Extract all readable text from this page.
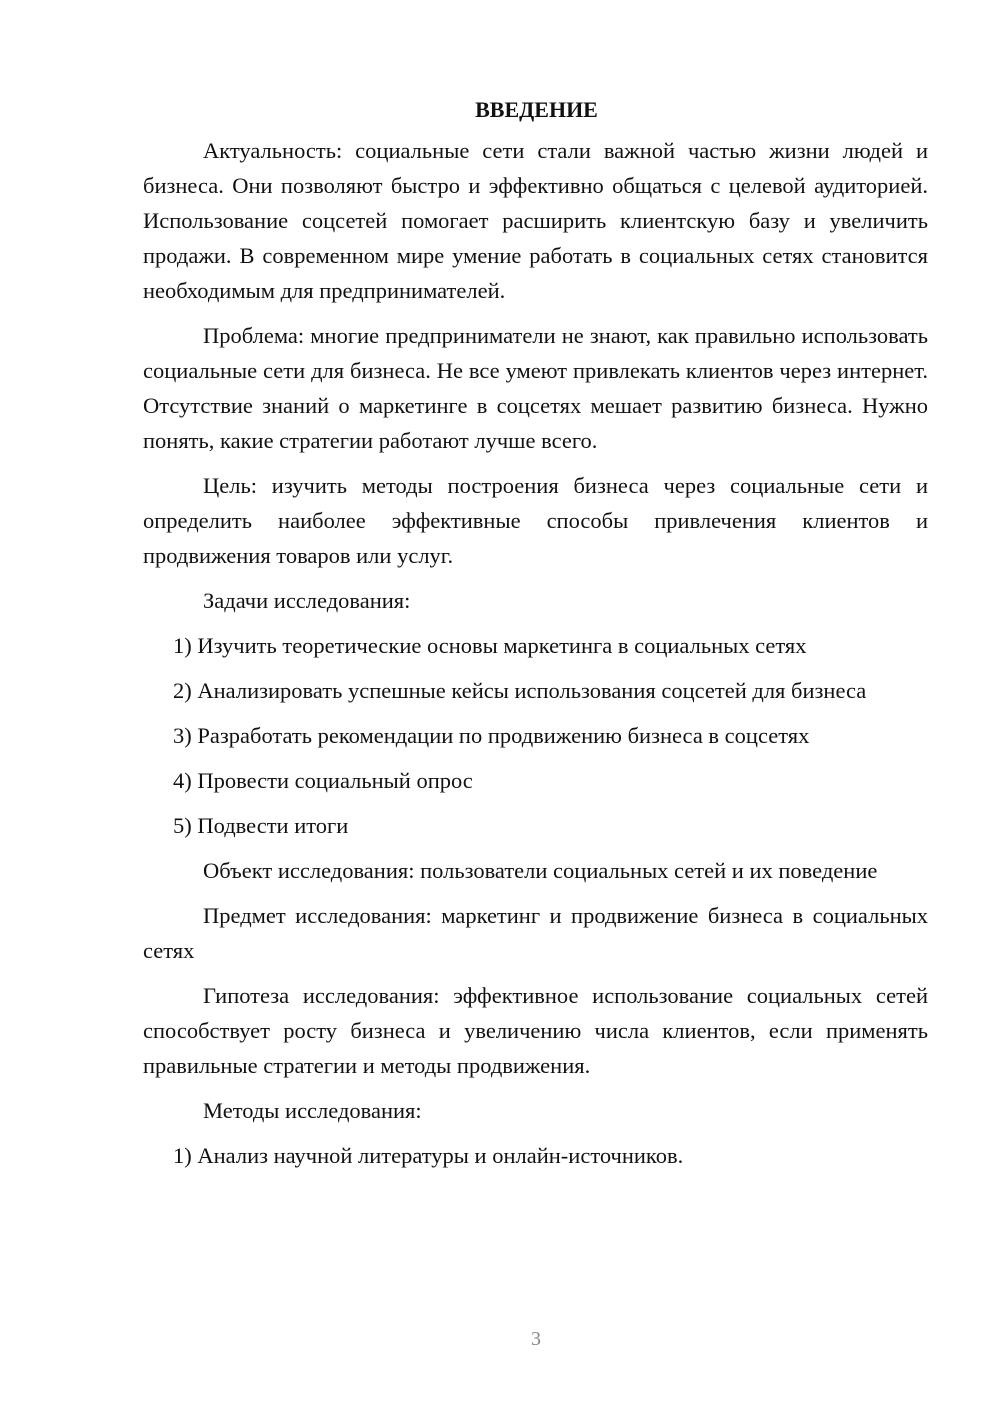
ВВЕДЕНИЕ

Актуальность: социальные сети стали важной частью жизни людей и бизнеса. Они позволяют быстро и эффективно общаться с целевой аудиторией. Использование соцсетей помогает расширить клиентскую базу и увеличить продажи. В современном мире умение работать в социальных сетях становится необходимым для предпринимателей.

Проблема: многие предприниматели не знают, как правильно использовать социальные сети для бизнеса. Не все умеют привлекать клиентов через интернет. Отсутствие знаний о маркетинге в соцсетях мешает развитию бизнеса. Нужно понять, какие стратегии работают лучше всего.

Цель: изучить методы построения бизнеса через социальные сети и определить наиболее эффективные способы привлечения клиентов и продвижения товаров или услуг.

Задачи исследования:

1) Изучить теоретические основы маркетинга в социальных сетях

2) Анализировать успешные кейсы использования соцсетей для бизнеса

3) Разработать рекомендации по продвижению бизнеса в соцсетях

4) Провести социальный опрос

5) Подвести итоги

Объект исследования: пользователи социальных сетей и их поведение

Предмет исследования: маркетинг и продвижение бизнеса в социальных сетях

Гипотеза исследования: эффективное использование социальных сетей способствует росту бизнеса и увеличению числа клиентов, если применять правильные стратегии и методы продвижения.

Методы исследования:

1) Анализ научной литературы и онлайн-источников.

3
